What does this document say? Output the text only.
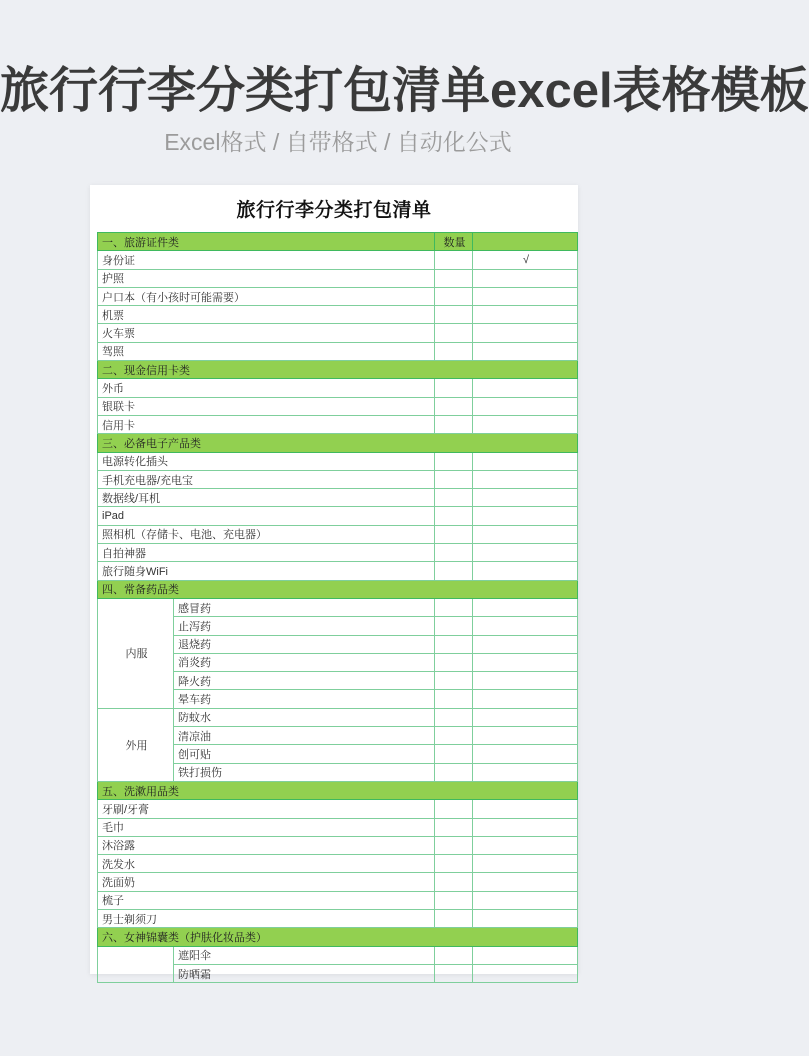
旅行行李分类打包清单excel表格模板
Excel格式 / 自带格式 / 自动化公式
旅行行李分类打包清单
一、旅游证件类		数量	
身份证			√
护照			
户口本（有小孩时可能需要）			
机票			
火车票			
驾照			
二、现金信用卡类			
外币			
银联卡			
信用卡			
三、必备电子产品类			
电源转化插头			
手机充电器/充电宝			
数据线/耳机			
iPad			
照相机（存储卡、电池、充电器）			
自拍神器			
旅行随身WiFi			
四、常备药品类			
内服	感冒药		
	止泻药		
	退烧药		
	消炎药		
	降火药		
	晕车药		
外用	防蚊水		
	清凉油		
	创可贴		
	铁打损伤		
五、洗漱用品类			
牙刷/牙膏			
毛巾			
沐浴露			
洗发水			
洗面奶			
梳子			
男士剃须刀			
六、女神锦囊类（护肤化妆品类）			
	遮阳伞		
	防晒霜		
